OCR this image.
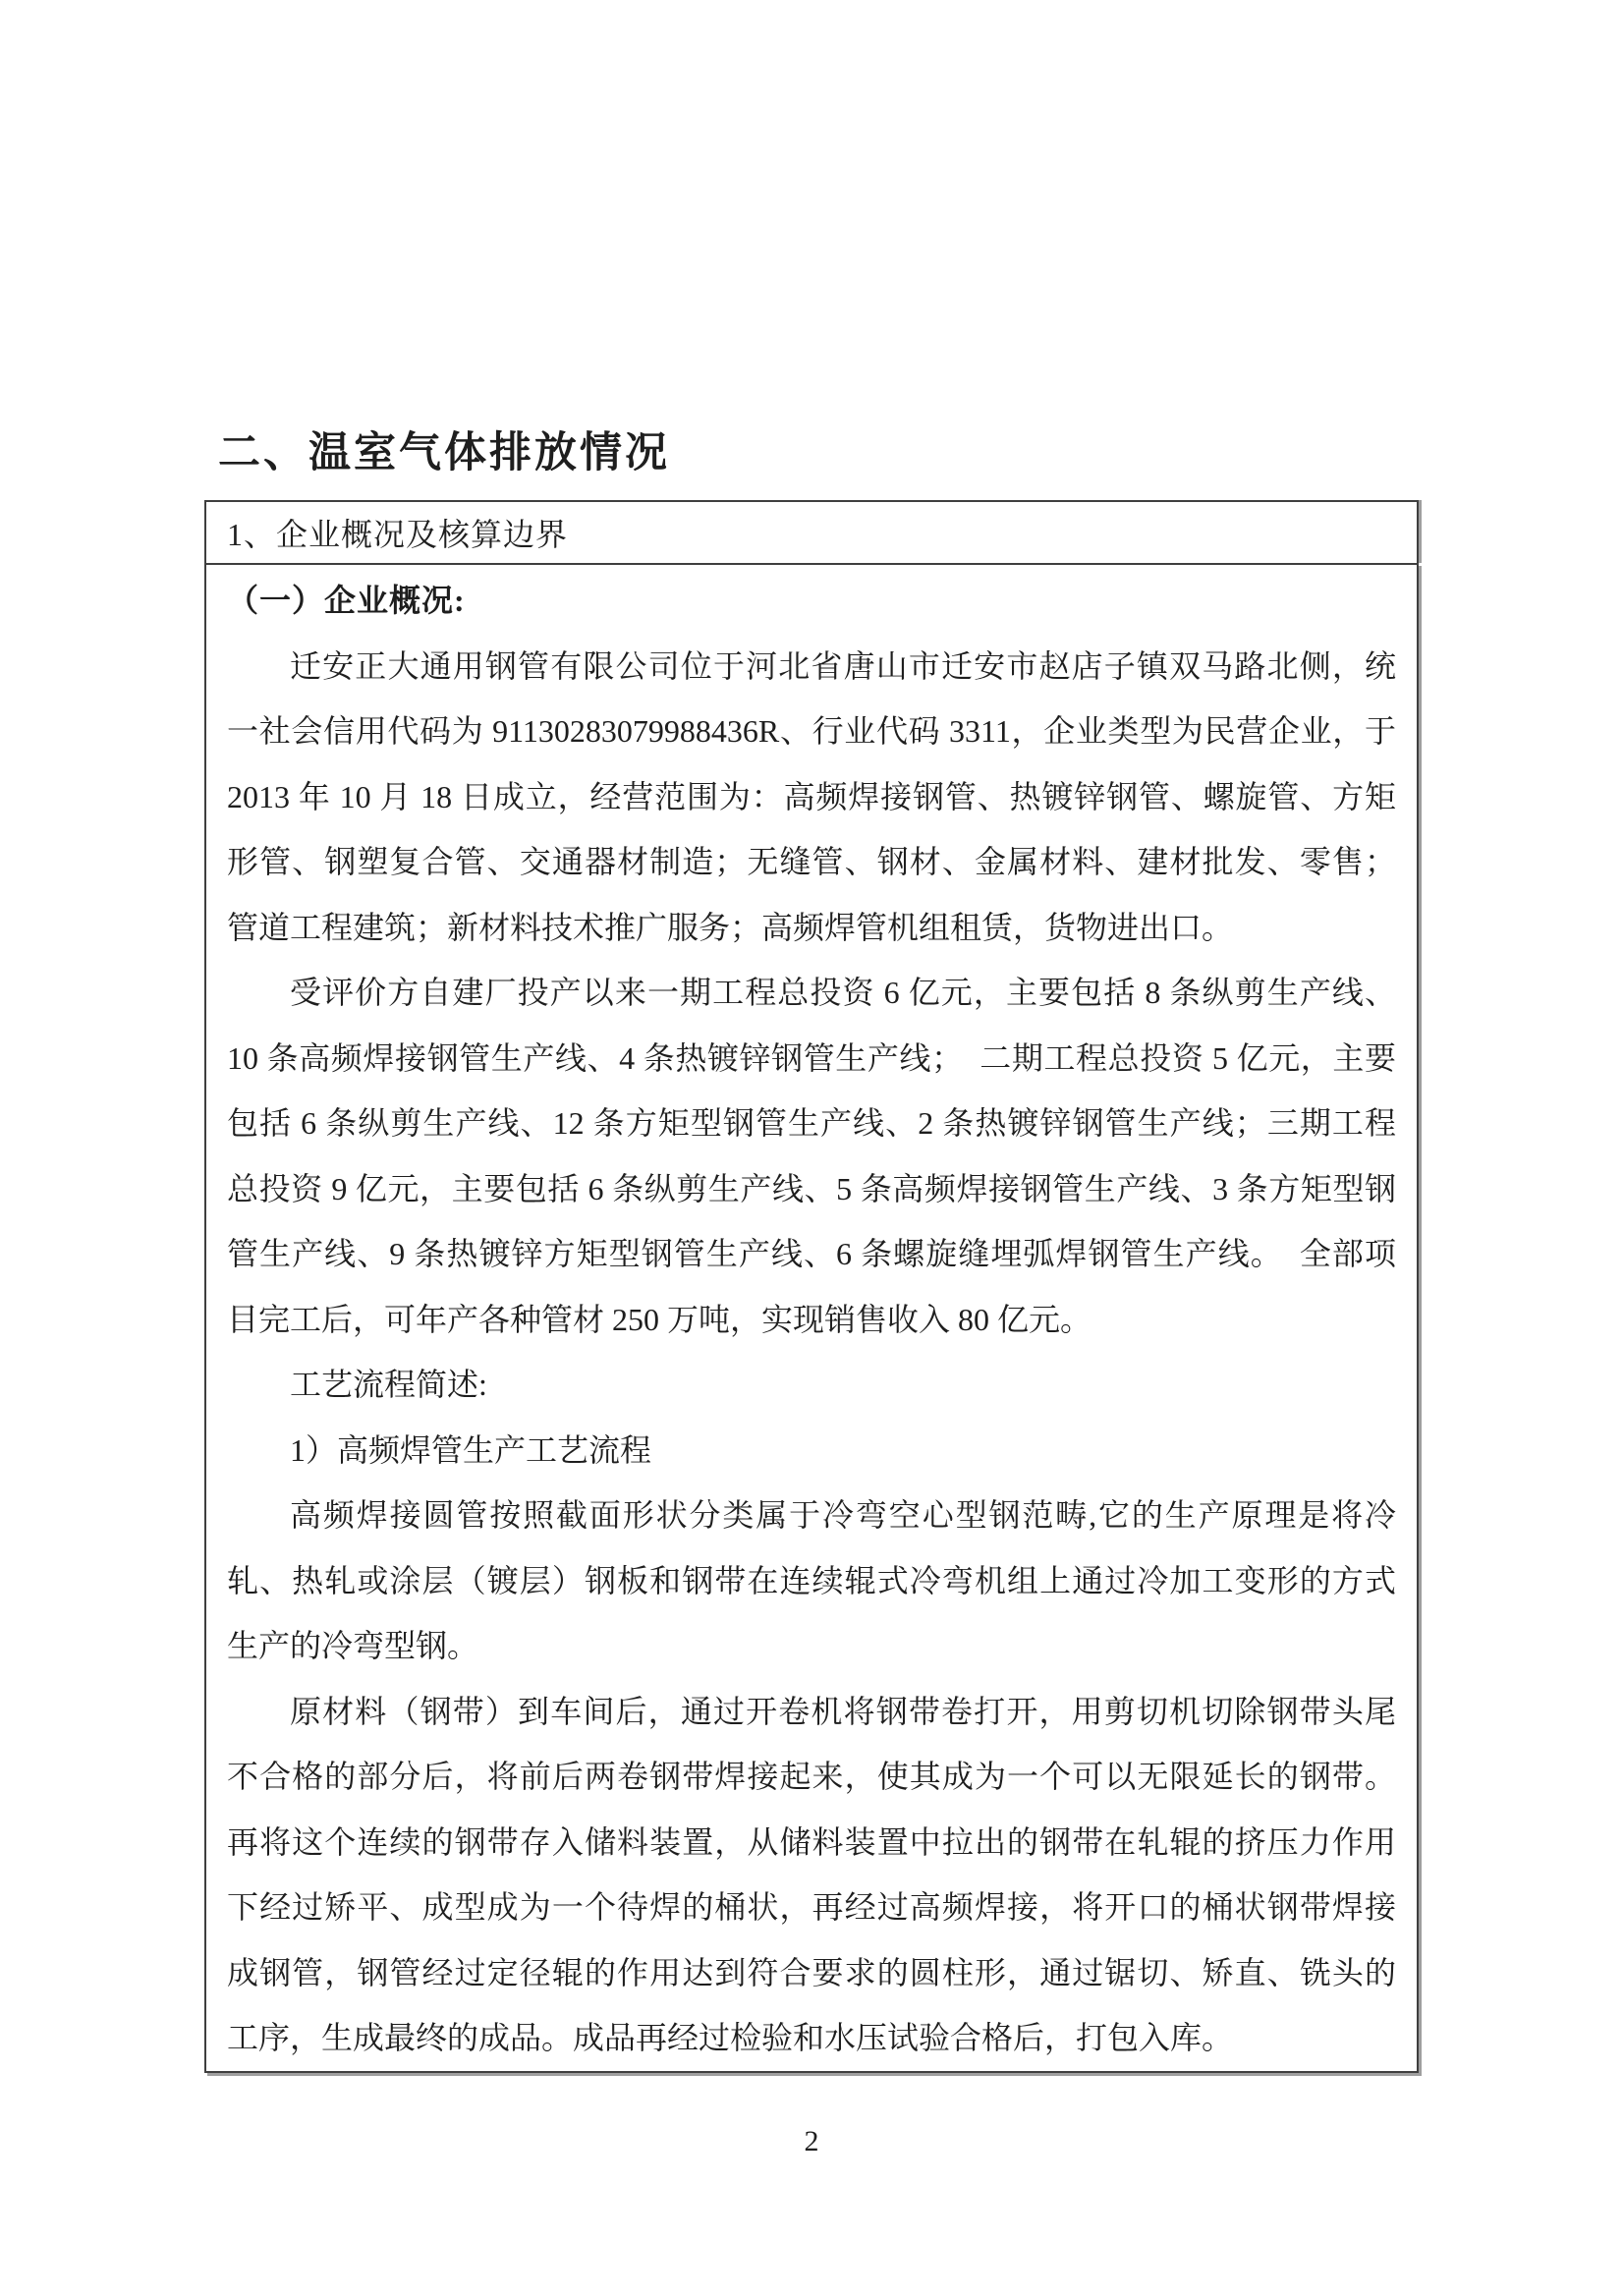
二、温室气体排放情况
1、企业概况及核算边界
（一）企业概况:
迁安正大通用钢管有限公司位于河北省唐山市迁安市赵店子镇双马路北侧，统
一社会信用代码为 91130283079988436R、行业代码 3311，企业类型为民营企业，于
2013 年 10 月 18 日成立，经营范围为：高频焊接钢管、热镀锌钢管、螺旋管、方矩
形管、钢塑复合管、交通器材制造；无缝管、钢材、金属材料、建材批发、零售；
管道工程建筑；新材料技术推广服务；高频焊管机组租赁，货物进出口。
受评价方自建厂投产以来一期工程总投资 6 亿元，主要包括 8 条纵剪生产线、
10 条高频焊接钢管生产线、4 条热镀锌钢管生产线；　二期工程总投资 5 亿元，主要
包括 6 条纵剪生产线、12 条方矩型钢管生产线、2 条热镀锌钢管生产线；三期工程
总投资 9 亿元，主要包括 6 条纵剪生产线、5 条高频焊接钢管生产线、3 条方矩型钢
管生产线、9 条热镀锌方矩型钢管生产线、6 条螺旋缝埋弧焊钢管生产线。　全部项
目完工后，可年产各种管材 250 万吨，实现销售收入 80 亿元。
工艺流程简述:
1）高频焊管生产工艺流程
高频焊接圆管按照截面形状分类属于冷弯空心型钢范畴,它的生产原理是将冷
轧、热轧或涂层（镀层）钢板和钢带在连续辊式冷弯机组上通过冷加工变形的方式
生产的冷弯型钢。
原材料（钢带）到车间后，通过开卷机将钢带卷打开，用剪切机切除钢带头尾
不合格的部分后，将前后两卷钢带焊接起来，使其成为一个可以无限延长的钢带。
再将这个连续的钢带存入储料装置，从储料装置中拉出的钢带在轧辊的挤压力作用
下经过矫平、成型成为一个待焊的桶状，再经过高频焊接，将开口的桶状钢带焊接
成钢管，钢管经过定径辊的作用达到符合要求的圆柱形，通过锯切、矫直、铣头的
工序，生成最终的成品。成品再经过检验和水压试验合格后，打包入库。
2
